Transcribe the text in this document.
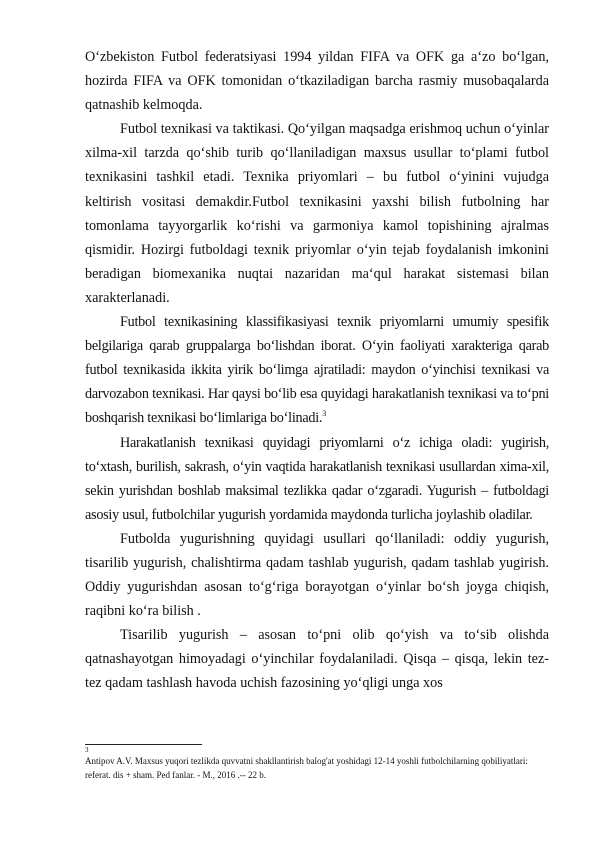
O‘zbekiston Futbol federatsiyasi 1994 yildan FIFA va OFK ga a‘zo bo‘lgan, hozirda FIFA va OFK tomonidan o‘tkaziladigan barcha rasmiy musobaqalarda qatnashib kelmoqda.

Futbol texnikasi va taktikasi. Qo‘yilgan maqsadga erishmoq uchun o‘yinlar xilma-xil tarzda qo‘shib turib qo‘llaniladigan maxsus usullar to‘plami futbol texnikasini tashkil etadi. Texnika priyomlari – bu futbol o‘yinini vujudga keltirish vositasi demakdir.Futbol texnikasini yaxshi bilish futbolning har tomonlama tayyorgarlik ko‘rishi va garmoniya kamol topishining ajralmas qismidir. Hozirgi futboldagi texnik priyomlar o‘yin tejab foydalanish imkonini beradigan biomexanika nuqtai nazaridan ma‘qul harakat sistemasi bilan xarakterlanadi.

Futbol texnikasining klassifikasiyasi texnik priyomlarni umumiy spesifik belgilariga qarab gruppalarga bo‘lishdan iborat. O‘yin faoliyati xarakteriga qarab futbol texnikasida ikkita yirik bo‘limga ajratiladi: maydon o‘yinchisi texnikasi va darvozabon texnikasi. Har qaysi bo‘lib esa quyidagi harakatlanish texnikasi va to‘pni boshqarish texnikasi bo‘limlariga bo‘linadi.$^3$

Harakatlanish texnikasi quyidagi priyomlarni o‘z ichiga oladi: yugirish, to‘xtash, burilish, sakrash, o‘yin vaqtida harakatlanish texnikasi usullardan xima-xil, sekin yurishdan boshlab maksimal tezlikka qadar o‘zgaradi. Yugurish – futboldagi asosiy usul, futbolchilar yugurish yordamida maydonda turlicha joylashib oladilar.

Futbolda yugurishning quyidagi usullari qo‘llaniladi: oddiy yugurish, tisarilib yugurish, chalishtirma qadam tashlab yugurish, qadam tashlab yugirish. Oddiy yugurishdan asosan to‘g‘riga borayotgan o‘yinlar bo‘sh joyga chiqish, raqibni ko‘ra bilish .

Tisarilib yugurish – asosan to‘pni olib qo‘yish va to‘sib olishda qatnashayotgan himoyadagi o‘yinchilar foydalaniladi. Qisqa – qisqa, lekin tez-tez qadam tashlash havoda uchish fazosining yo‘qligi unga xos

3
Antipov A.V. Maxsus yuqori tezlikda quvvatni shakllantirish balog'at yoshidagi 12-14 yoshli futbolchilarning qobiliyatlari: referat. dis + sham. Ped fanlar. - M., 2016 .-- 22 b.
